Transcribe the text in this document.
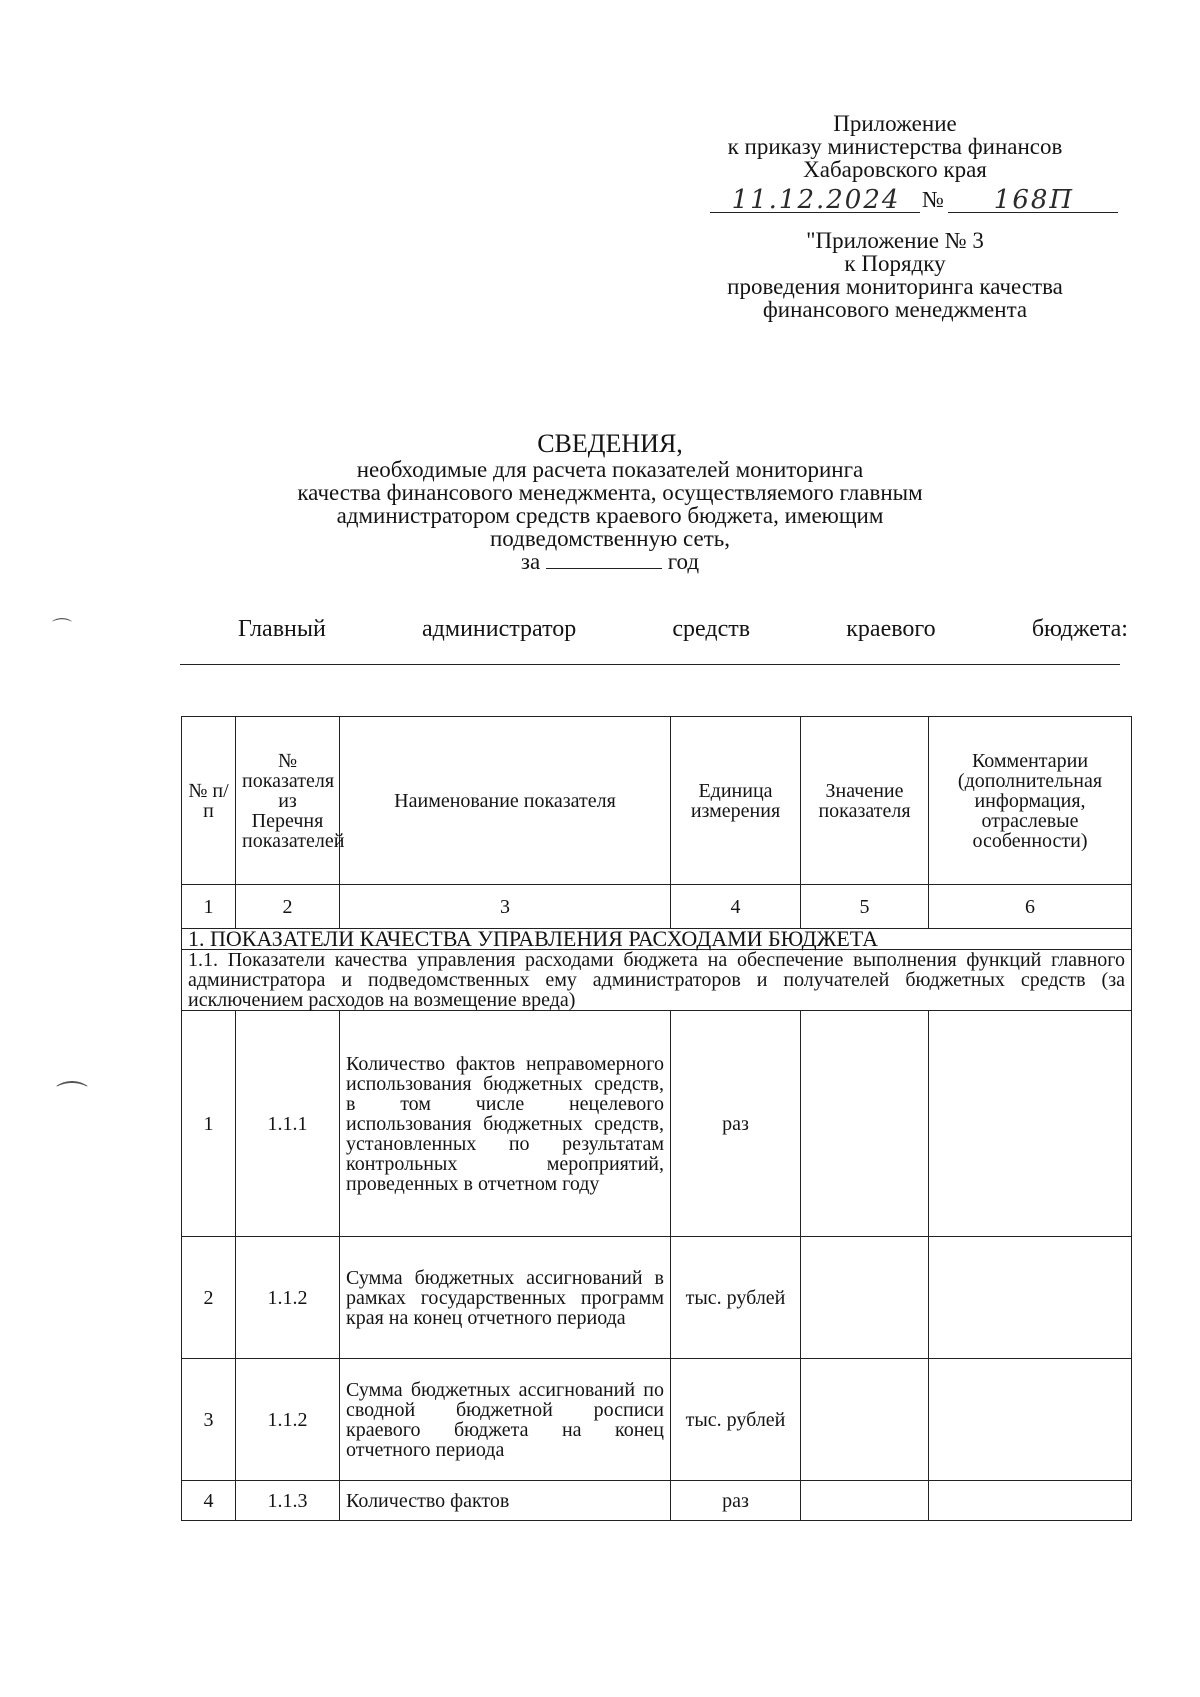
Приложение
к приказу министерства финансов
Хабаровского края
11.12.2024 №	168П
"Приложение № 3
к Порядку
проведения мониторинга качества
финансового менеджмента
СВЕДЕНИЯ,
необходимые для расчета показателей мониторинга
качества финансового менеджмента, осуществляемого главным
администратором средств краевого бюджета, имеющим
подведомственную сеть,
за	год
Главный	администратор	средств	краевого	бюджета:
⌒
⌒
№ п/п	№ показателя из Перечня показателей	Наименование показателя	Единица измерения	Значение показателя	Комментарии (дополнительная информация, отраслевые особенности)
1	2	3	4	5	6
1. ПОКАЗАТЕЛИ КАЧЕСТВА УПРАВЛЕНИЯ РАСХОДАМИ БЮДЖЕТА					
1.1. Показатели качества управления расходами бюджета на обеспечение выполнения функций главного администратора и подведомственных ему администраторов и получателей бюджетных средств (за исключением расходов на возмещение вреда)					
1	1.1.1	Количество фактов неправомерного использования бюджетных средств, в том числе нецелевого использования бюджетных средств, установленных по результатам контрольных мероприятий, проведенных в отчетном году	раз		
2	1.1.2	Сумма бюджетных ассигнований в рамках государственных программ края на конец отчетного периода	тыс. рублей		
3	1.1.2	Сумма бюджетных ассигнований по сводной бюджетной росписи краевого бюджета на конец отчетного периода	тыс. рублей		
4	1.1.3	Количество фактов	раз		
